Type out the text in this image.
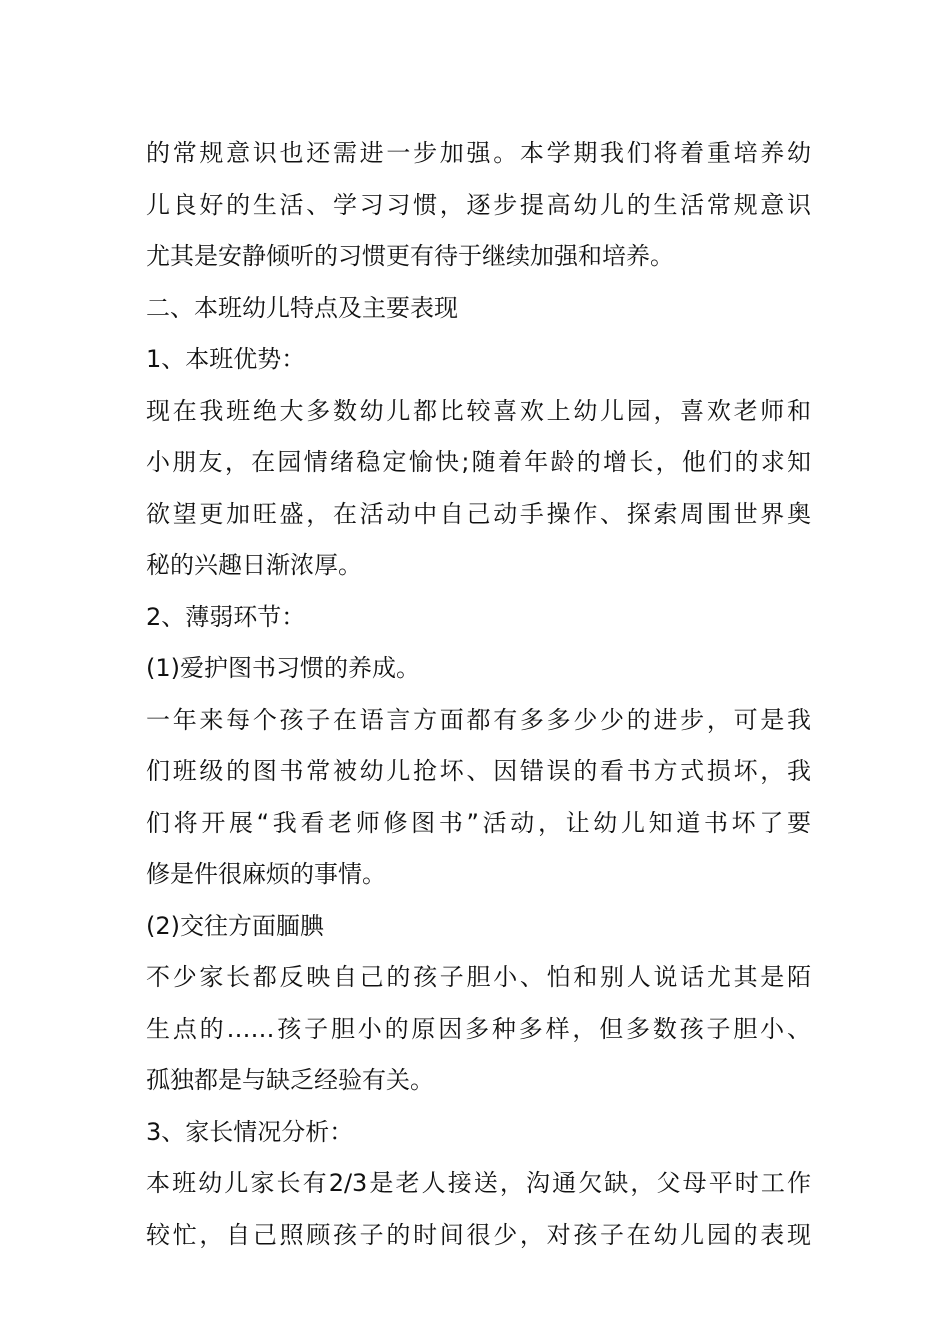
的常规意识也还需进一步加强。本学期我们将着重培养幼
儿良好的生活、学习习惯，逐步提高幼儿的生活常规意识
尤其是安静倾听的习惯更有待于继续加强和培养。
二、本班幼儿特点及主要表现
1、本班优势：
现在我班绝大多数幼儿都比较喜欢上幼儿园，喜欢老师和
小朋友，在园情绪稳定愉快;随着年龄的增长，他们的求知
欲望更加旺盛，在活动中自己动手操作、探索周围世界奥
秘的兴趣日渐浓厚。
2、薄弱环节：
(1)爱护图书习惯的养成。
一年来每个孩子在语言方面都有多多少少的进步，可是我
们班级的图书常被幼儿抢坏、因错误的看书方式损坏，我
们将开展“我看老师修图书”活动，让幼儿知道书坏了要
修是件很麻烦的事情。
(2)交往方面腼腆
不少家长都反映自己的孩子胆小、怕和别人说话尤其是陌
生点的……孩子胆小的原因多种多样，但多数孩子胆小、
孤独都是与缺乏经验有关。
3、家长情况分析：
本班幼儿家长有2/3是老人接送，沟通欠缺，父母平时工作
较忙，自己照顾孩子的时间很少，对孩子在幼儿园的表现
